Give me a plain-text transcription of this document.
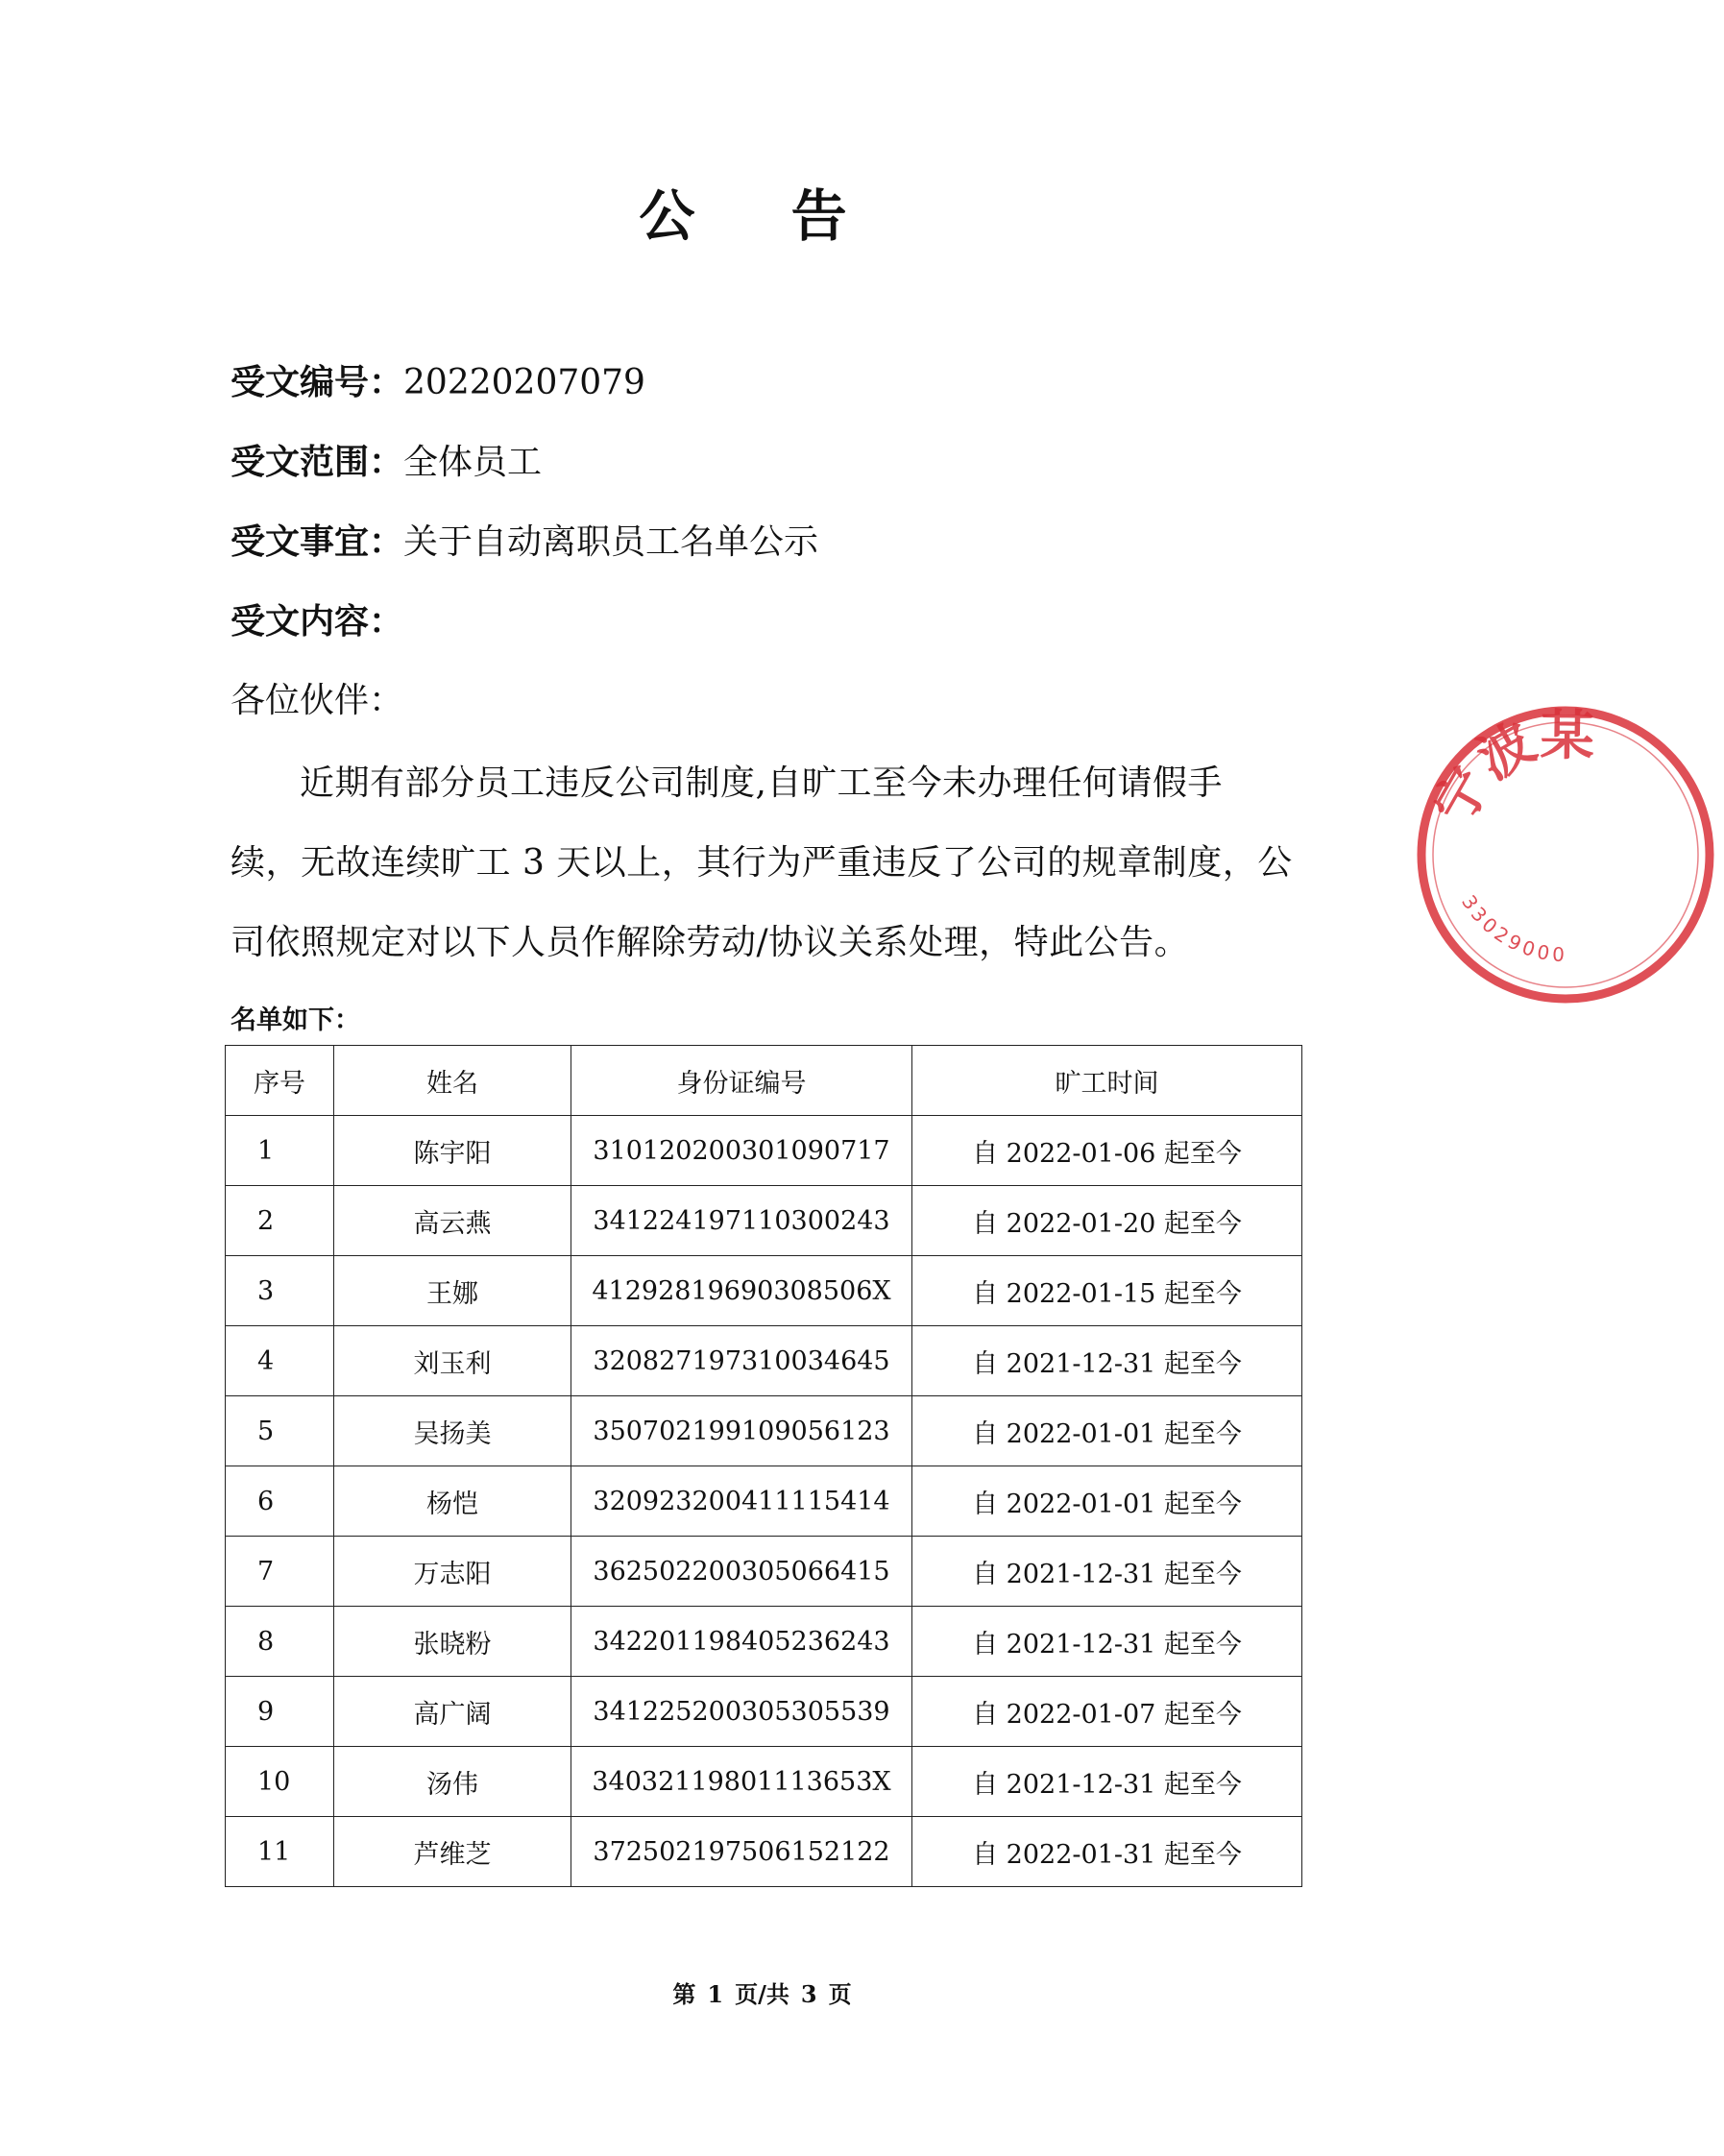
公 告
受文编号：20220207079
受文范围：全体员工
受文事宜：关于自动离职员工名单公示
受文内容：
各位伙伴：
近期有部分员工违反公司制度,自旷工至今未办理任何请假手
续，无故连续旷工 3 天以上，其行为严重违反了公司的规章制度，公
司依照规定对以下人员作解除劳动/协议关系处理，特此公告。
名单如下：
序号	姓名	身份证编号	旷工时间
1	陈宇阳	310120200301090717	自 2022-01-06 起至今
2	高云燕	341224197110300243	自 2022-01-20 起至今
3	王娜	41292819690308506X	自 2022-01-15 起至今
4	刘玉利	320827197310034645	自 2021-12-31 起至今
5	吴扬美	350702199109056123	自 2022-01-01 起至今
6	杨恺	320923200411115414	自 2022-01-01 起至今
7	万志阳	362502200305066415	自 2021-12-31 起至今
8	张晓粉	342201198405236243	自 2021-12-31 起至今
9	高广阔	341225200305305539	自 2022-01-07 起至今
10	汤伟	34032119801113653X	自 2021-12-31 起至今
11	芦维芝	372502197506152122	自 2022-01-31 起至今
第 1 页/共 3 页
宁波某
33029000
